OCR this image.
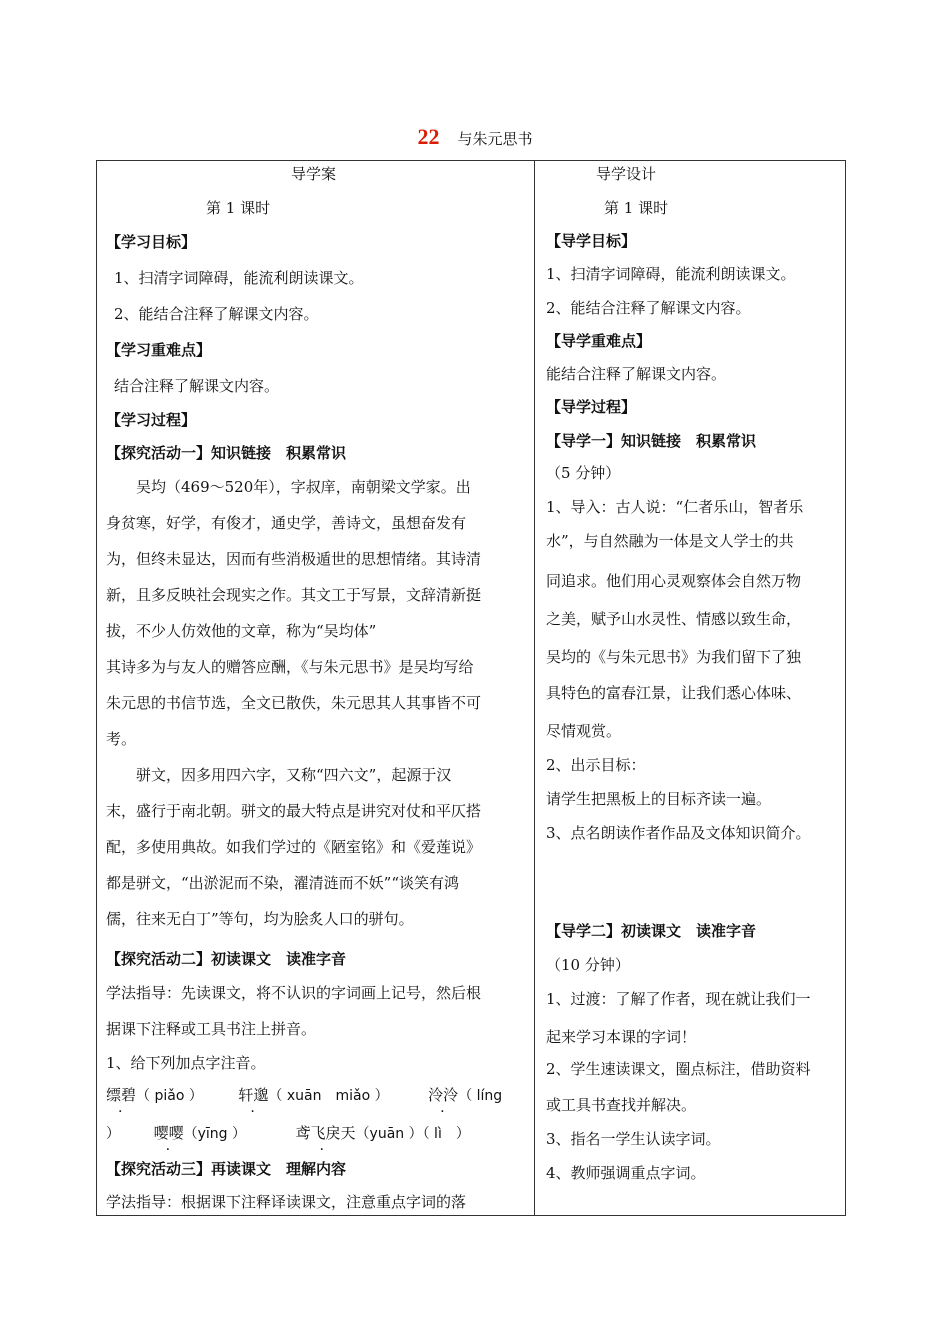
22 与朱元思书
导学案
第 1 课时
【学习目标】
1、扫清字词障碍，能流利朗读课文。
2、能结合注释了解课文内容。
【学习重难点】
结合注释了解课文内容。
【学习过程】
【探究活动一】知识链接　积累常识
　　吴均（469～520年），字叔庠，南朝梁文学家。出
身贫寒，好学，有俊才，通史学，善诗文，虽想奋发有
为，但终未显达，因而有些消极遁世的思想情绪。其诗清
新，且多反映社会现实之作。其文工于写景，文辞清新挺
拔，不少人仿效他的文章，称为“吴均体”
其诗多为与友人的赠答应酬，《与朱元思书》是吴均写给
朱元思的书信节选，全文已散佚，朱元思其人其事皆不可
考。
　　骈文，因多用四六字，又称“四六文”，起源于汉
末，盛行于南北朝。骈文的最大特点是讲究对仗和平仄搭
配，多使用典故。如我们学过的《陋室铭》和《爱莲说》
都是骈文，“出淤泥而不染，濯清涟而不妖”“谈笑有鸿
儒，往来无白丁”等句，均为脍炙人口的骈句。
【探究活动二】初读课文　读准字音
学法指导：先读课文，将不认识的字词画上记号，然后根
据课下注释或工具书注上拼音。
1、给下列加点字注音。
缥碧（ piǎo ） 轩邈（ xuān　miǎo ）	泠泠（ líng
） 嘤嘤（yīng ）	鸢飞戾天（yuān ）（ lì　）
【探究活动三】再读课文　理解内容
学法指导：根据课下注释译读课文，注意重点字词的落
导学设计
第 1 课时
【导学目标】
1、扫清字词障碍，能流利朗读课文。
2、能结合注释了解课文内容。
【导学重难点】
能结合注释了解课文内容。
【导学过程】
【导学一】知识链接　积累常识
（5 分钟）
1、导入：古人说：“仁者乐山，智者乐
水”，与自然融为一体是文人学士的共
同追求。他们用心灵观察体会自然万物
之美，赋予山水灵性、情感以致生命，
吴均的《与朱元思书》为我们留下了独
具特色的富春江景，让我们悉心体味、
尽情观赏。
2、出示目标：
请学生把黑板上的目标齐读一遍。
3、点名朗读作者作品及文体知识简介。
【导学二】初读课文　读准字音
（10 分钟）
1、过渡：了解了作者，现在就让我们一
起来学习本课的字词！
2、学生速读课文，圈点标注，借助资料
或工具书查找并解决。
3、指名一学生认读字词。
4、教师强调重点字词。
